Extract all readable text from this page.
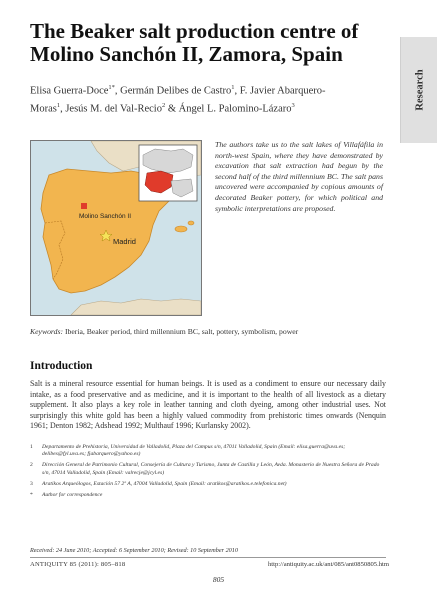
The Beaker salt production centre of Molino Sanchón II, Zamora, Spain
Research
Elisa Guerra-Doce$^{1*}$, Germán Delibes de Castro$^1$, F. Javier Abarquero-Moras$^1$, Jesús M. del Val-Recio$^2$ & Ángel L. Palomino-Lázaro$^3$
Molino Sanchón II
Madrid
The authors take us to the salt lakes of Villafáfila in north-west Spain, where they have demonstrated by excavation that salt extraction had begun by the second half of the third millennium BC. The salt pans uncovered were accompanied by copious amounts of decorated Beaker pottery, for which political and symbolic interpretations are proposed.
Keywords: Iberia, Beaker period, third millennium BC, salt, pottery, symbolism, power
Introduction

Salt is a mineral resource essential for human beings. It is used as a condiment to ensure our necessary daily intake, as a food preservative and as medicine, and it is important to the health of all livestock as a dietary supplement. It also plays a key role in leather tanning and cloth dyeing, among other industrial uses. Not surprisingly this white gold has been a highly valued commodity from prehistoric times onwards (Nenquin 1961; Denton 1982; Adshead 1992; Multhauf 1996; Kurlansky 2002).

1	Departamento de Prehistoria, Universidad de Valladolid, Plaza del Campus s/n, 47011 Valladolid, Spain (Email: elisa.guerra@uva.es; delibes@fyl.uva.es; fjabarquero@yahoo.es)
2	Dirección General de Patrimonio Cultural, Consejería de Cultura y Turismo, Junta de Castilla y León, Avda. Monasterio de Nuestra Señora de Prado s/n, 47014 Valladolid, Spain (Email: valrecje@jcyl.es)
3	Aratikos Arqueólogos, Estación 57 2º A, 47004 Valladolid, Spain (Email: aratikos@aratikos.e.telefonica.net)
*	Author for correspondence
Received: 24 June 2010; Accepted: 6 September 2010; Revised: 10 September 2010
ANTIQUITY 85 (2011): 805–818	http://antiquity.ac.uk/ant/085/ant0850805.htm
805
